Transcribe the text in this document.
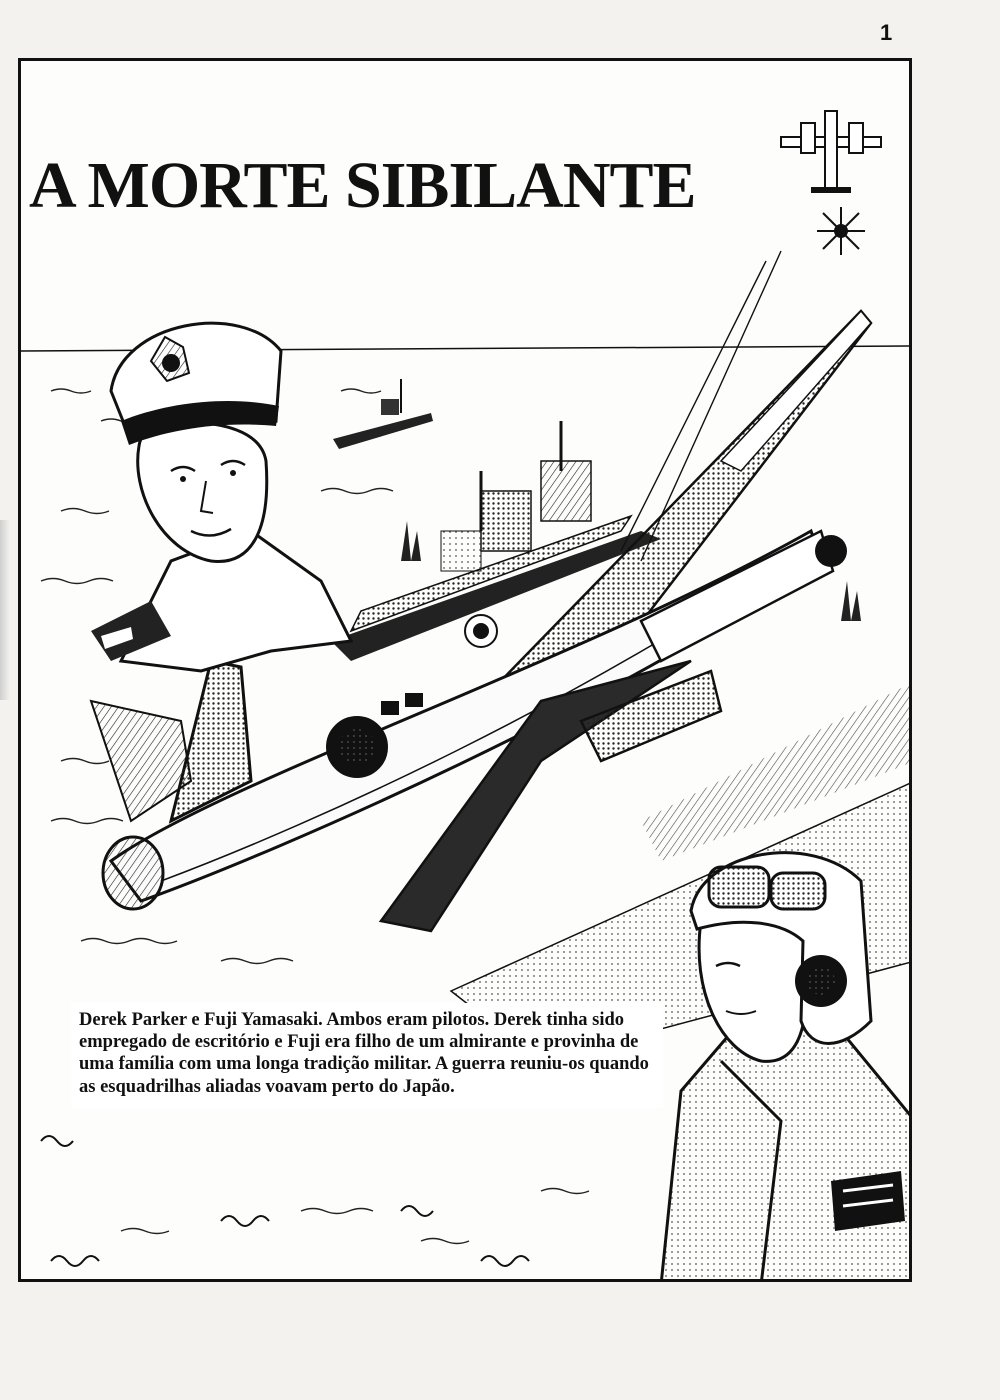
1
A MORTE SIBILANTE
Derek Parker e Fuji Yamasaki. Ambos eram pilotos. Derek tinha sido empregado de escritório e Fuji era filho de um almirante e provinha de uma família com uma longa tradição militar. A guerra reuniu-os quando as esquadrilhas aliadas voavam perto do Japão.
